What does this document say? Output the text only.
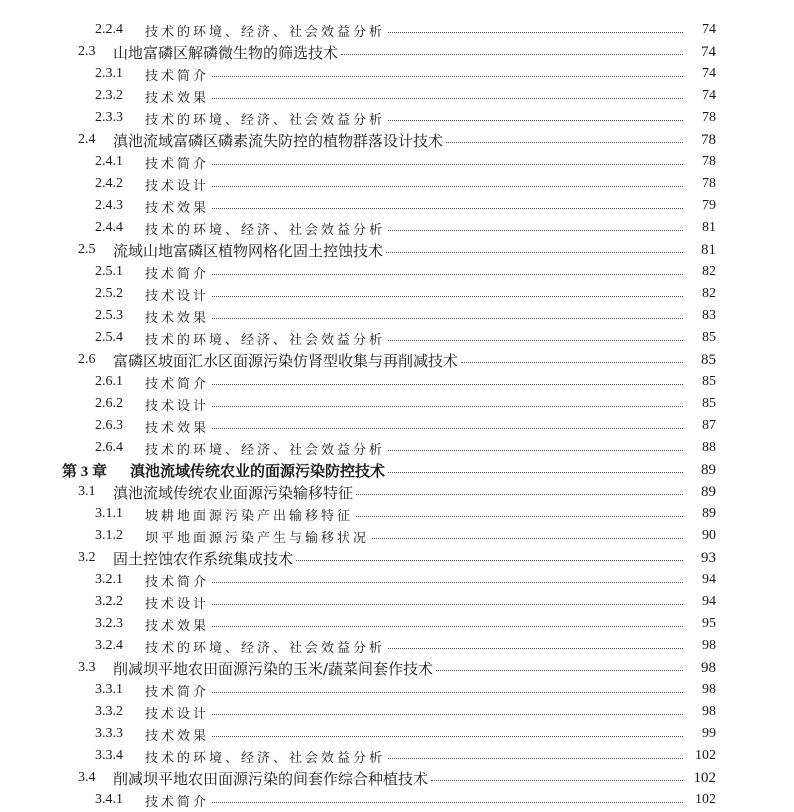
2.2.4	技术的环境、经济、社会效益分析	74
2.3	山地富磷区解磷微生物的筛选技术	74
2.3.1	技术简介	74
2.3.2	技术效果	74
2.3.3	技术的环境、经济、社会效益分析	78
2.4	滇池流域富磷区磷素流失防控的植物群落设计技术	78
2.4.1	技术简介	78
2.4.2	技术设计	78
2.4.3	技术效果	79
2.4.4	技术的环境、经济、社会效益分析	81
2.5	流域山地富磷区植物网格化固土控蚀技术	81
2.5.1	技术简介	82
2.5.2	技术设计	82
2.5.3	技术效果	83
2.5.4	技术的环境、经济、社会效益分析	85
2.6	富磷区坡面汇水区面源污染仿肾型收集与再削减技术	85
2.6.1	技术简介	85
2.6.2	技术设计	85
2.6.3	技术效果	87
2.6.4	技术的环境、经济、社会效益分析	88
第 3 章	滇池流域传统农业的面源污染防控技术	89
3.1	滇池流域传统农业面源污染输移特征	89
3.1.1	坡耕地面源污染产出输移特征	89
3.1.2	坝平地面源污染产生与输移状况	90
3.2	固土控蚀农作系统集成技术	93
3.2.1	技术简介	94
3.2.2	技术设计	94
3.2.3	技术效果	95
3.2.4	技术的环境、经济、社会效益分析	98
3.3	削减坝平地农田面源污染的玉米/蔬菜间套作技术	98
3.3.1	技术简介	98
3.3.2	技术设计	98
3.3.3	技术效果	99
3.3.4	技术的环境、经济、社会效益分析	102
3.4	削减坝平地农田面源污染的间套作综合种植技术	102
3.4.1	技术简介	102
